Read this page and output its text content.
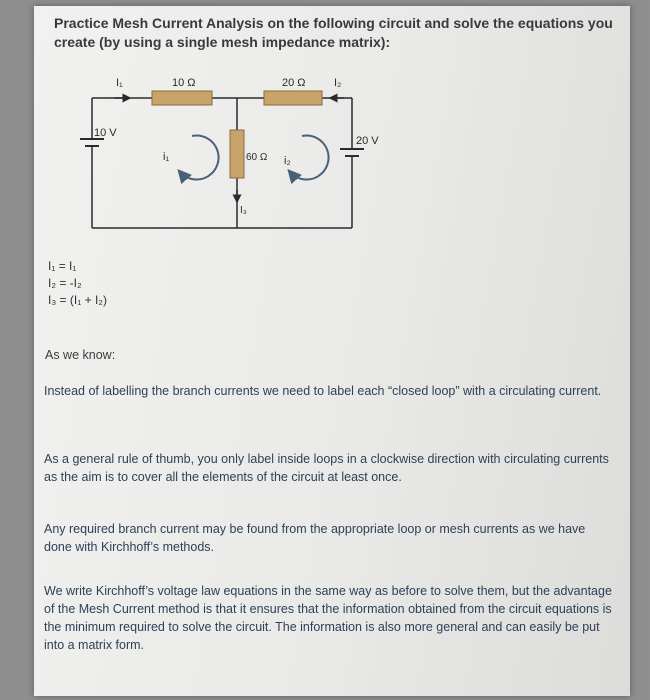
Practice Mesh Current Analysis on the following circuit and solve the equations you create (by using a single mesh impedance matrix):
I₁	10 Ω	20 Ω	I₂
10 V
20 V
i₁	60 Ω i₂
I₃
I₁ = I₁
I₂ = -I₂
I₃ = (I₁ + I₂)
As we know:
Instead of labelling the branch currents we need to label each “closed loop” with a circulating current.
As a general rule of thumb, you only label inside loops in a clockwise direction with circulating currents as the aim is to cover all the elements of the circuit at least once.
Any required branch current may be found from the appropriate loop or mesh currents as we have done with Kirchhoff’s methods.
We write Kirchhoff’s voltage law equations in the same way as before to solve them, but the advantage of the Mesh Current method is that it ensures that the information obtained from the circuit equations is the minimum required to solve the circuit. The information is also more general and can easily be put into a matrix form.
